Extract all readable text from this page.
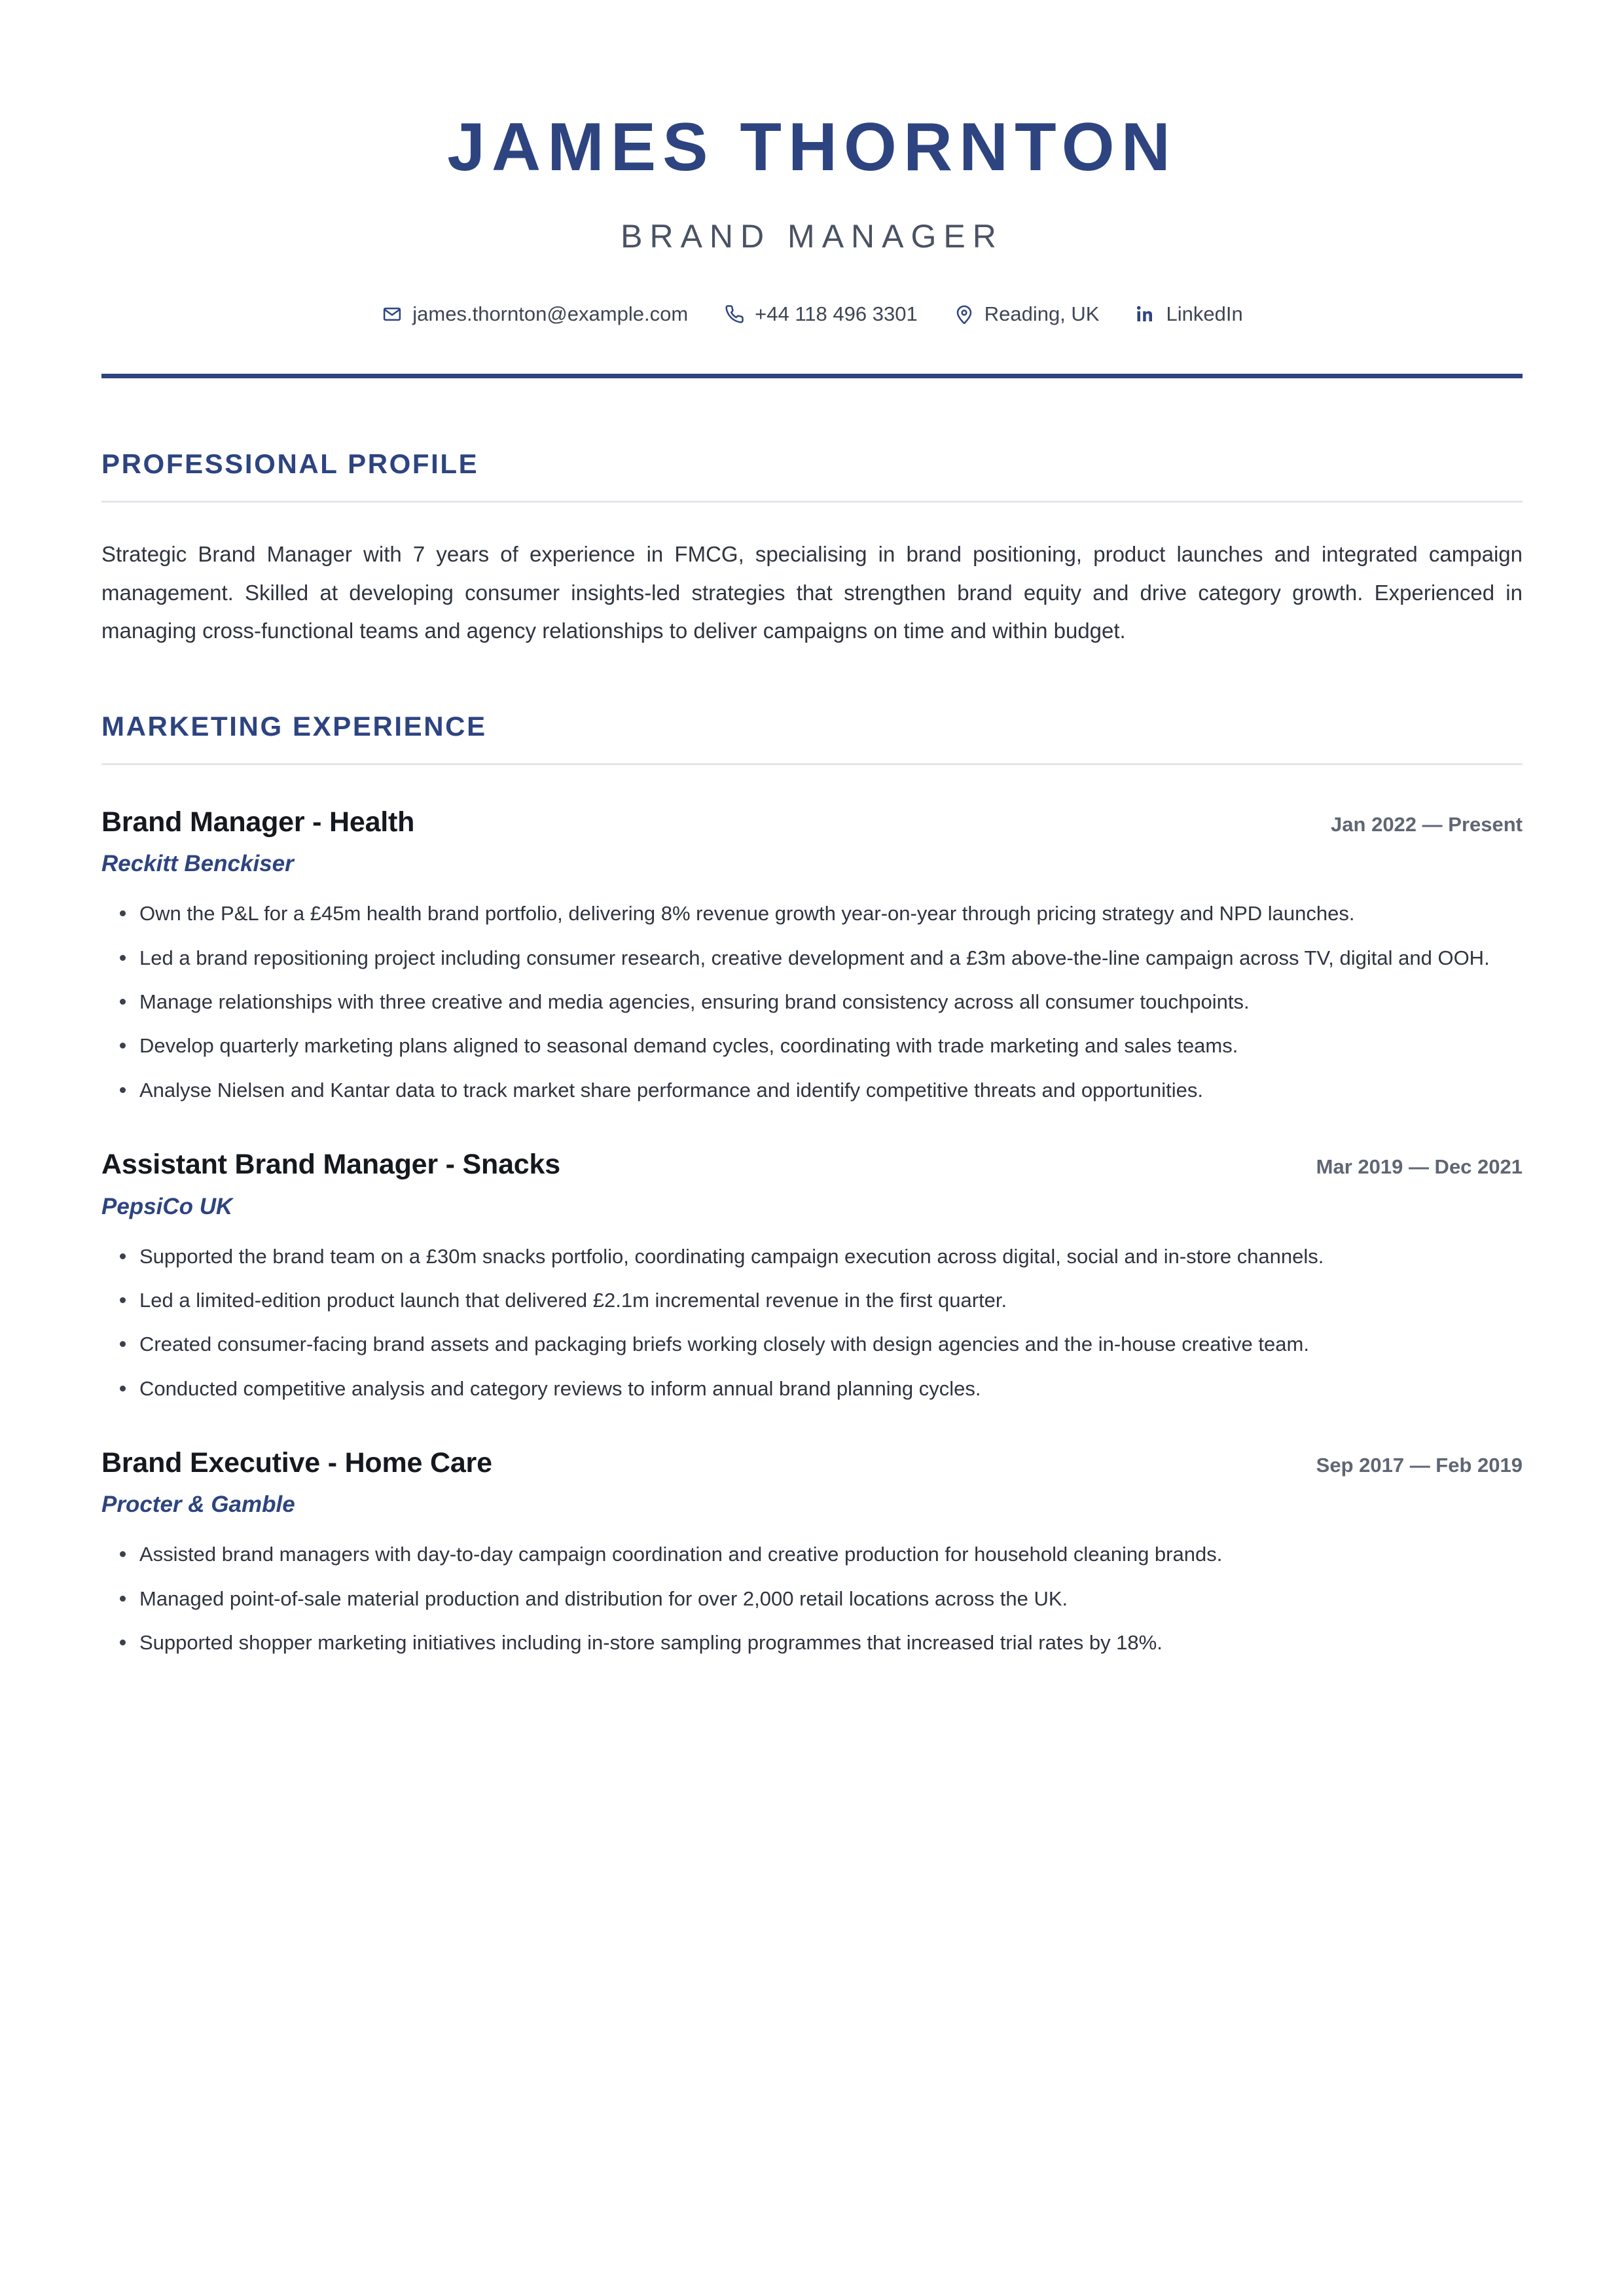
JAMES THORNTON
BRAND MANAGER
james.thornton@example.com	+44 118 496 3301	Reading, UK	LinkedIn
PROFESSIONAL PROFILE

Strategic Brand Manager with 7 years of experience in FMCG, specialising in brand positioning, product launches and integrated campaign management. Skilled at developing consumer insights-led strategies that strengthen brand equity and drive category growth. Experienced in managing cross-functional teams and agency relationships to deliver campaigns on time and within budget.

MARKETING EXPERIENCE
Brand Manager - Health	Jan 2022 — Present
Reckitt Benckiser
Own the P&L for a £45m health brand portfolio, delivering 8% revenue growth year-on-year through pricing strategy and NPD launches.
Led a brand repositioning project including consumer research, creative development and a £3m above-the-line campaign across TV, digital and OOH.
Manage relationships with three creative and media agencies, ensuring brand consistency across all consumer touchpoints.
Develop quarterly marketing plans aligned to seasonal demand cycles, coordinating with trade marketing and sales teams.
Analyse Nielsen and Kantar data to track market share performance and identify competitive threats and opportunities.
Assistant Brand Manager - Snacks	Mar 2019 — Dec 2021
PepsiCo UK
Supported the brand team on a £30m snacks portfolio, coordinating campaign execution across digital, social and in-store channels.
Led a limited-edition product launch that delivered £2.1m incremental revenue in the first quarter.
Created consumer-facing brand assets and packaging briefs working closely with design agencies and the in-house creative team.
Conducted competitive analysis and category reviews to inform annual brand planning cycles.
Brand Executive - Home Care	Sep 2017 — Feb 2019
Procter & Gamble
Assisted brand managers with day-to-day campaign coordination and creative production for household cleaning brands.
Managed point-of-sale material production and distribution for over 2,000 retail locations across the UK.
Supported shopper marketing initiatives including in-store sampling programmes that increased trial rates by 18%.
